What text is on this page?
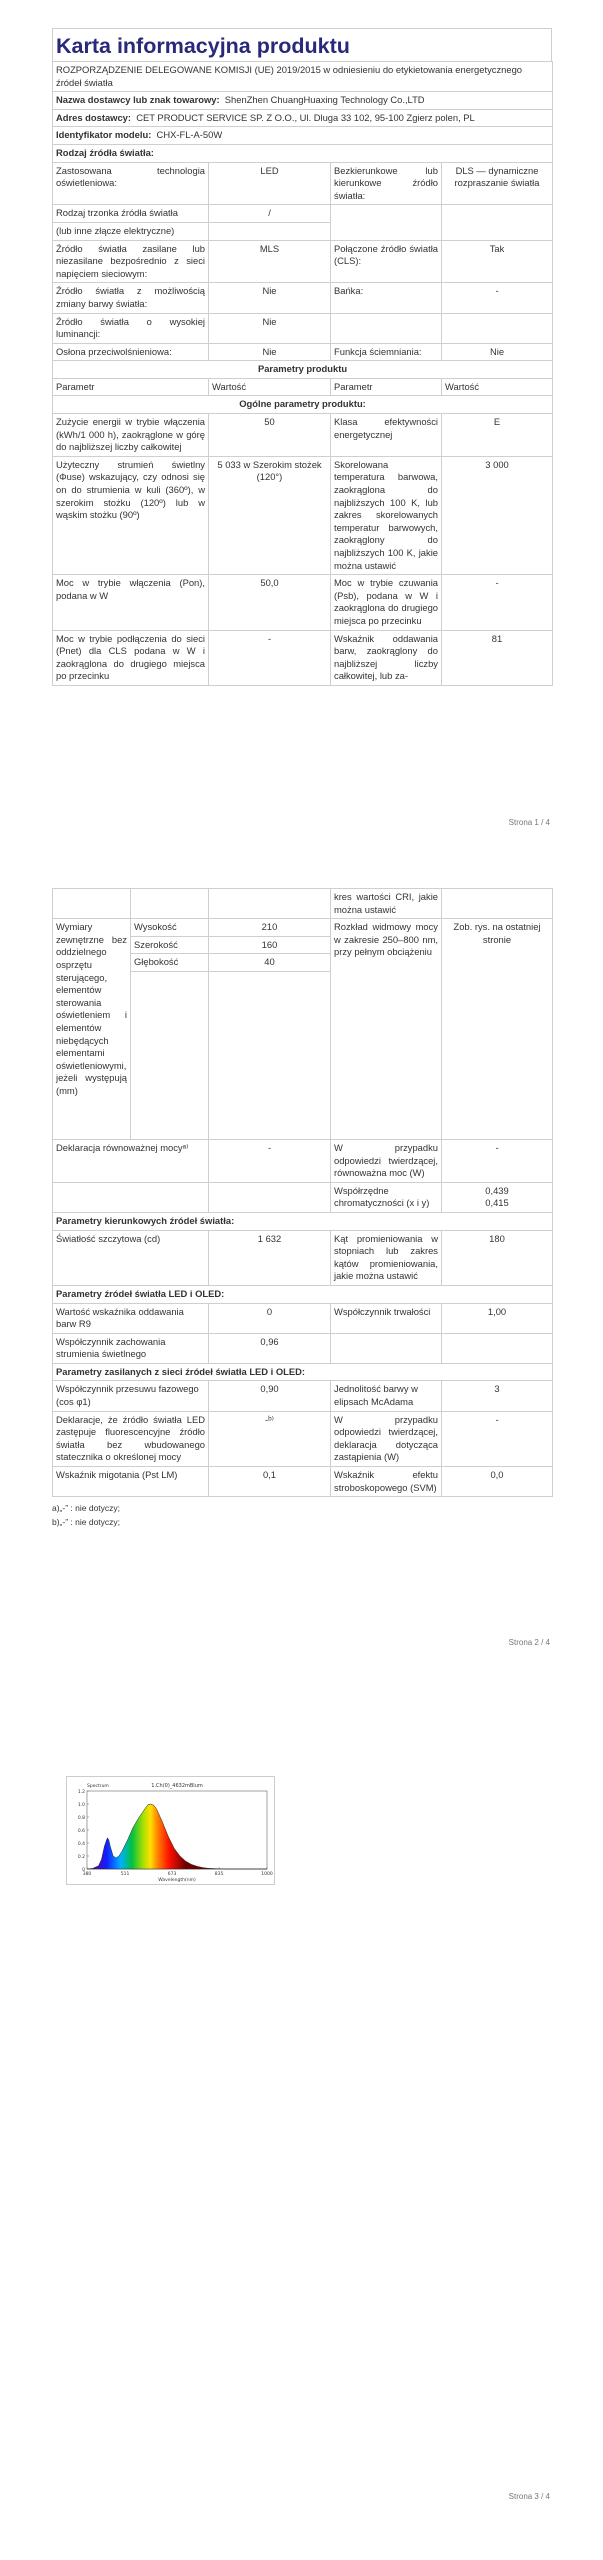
Karta informacyjna produktu
ROZPORZĄDZENIE DELEGOWANE KOMISJI (UE) 2019/2015 w odniesieniu do etykietowania energetycznego źródeł światła			
Nazwa dostawcy lub znak towarowy: ShenZhen ChuangHuaxing Technology Co.,LTD			
Adres dostawcy: CET PRODUCT SERVICE SP. Z O.O., Ul. Dluga 33 102, 95-100 Zgierz polen, PL			
Identyfikator modelu: CHX-FL-A-50W			
Rodzaj źródła światła:			
Zastosowana technologia oświetleniowa:	LED	Bezkierunkowe lub kierunkowe źródło światła:	DLS — dynamiczne rozpraszanie światła
Rodzaj trzonka źródła światła	/		
(lub inne złącze elektryczne)			
Źródło światła zasilane lub niezasilane bezpośrednio z sieci napięciem sieciowym:	MLS	Połączone źródło światła (CLS):	Tak
Źródło światła z możliwością zmiany barwy światła:	Nie	Bańka:	-
Źródło światła o wysokiej luminancji:	Nie		
Osłona przeciwolśnieniowa:	Nie	Funkcja ściemniania:	Nie
Parametry produktu			
Parametr	Wartość	Parametr	Wartość
Ogólne parametry produktu:			
Zużycie energii w trybie włączenia (kWh/1 000 h), zaokrąglone w górę do najbliższej liczby całkowitej	50	Klasa efektywności energetycznej	E
Użyteczny strumień świetlny (Φuse) wskazujący, czy odnosi się on do strumienia w kuli (360º), w szerokim stożku (120º) lub w wąskim stożku (90º)	5 033 w Szerokim stożek (120°)	Skorelowana temperatura barwowa, zaokrąglona do najbliższych 100 K, lub zakres skorelowanych temperatur barwowych, zaokrąglony do najbliższych 100 K, jakie można ustawić	3 000
Moc w trybie włączenia (Pon), podana w W	50,0	Moc w trybie czuwania (Psb), podana w W i zaokrąglona do drugiego miejsca po przecinku	-
Moc w trybie podłączenia do sieci (Pnet) dla CLS podana w W i zaokrąglona do drugiego miejsca po przecinku	-	Wskaźnik oddawania barw, zaokrąglony do najbliższej liczby całkowitej, lub za-	81
Strona 1 / 4
			kres wartości CRI, jakie można ustawić	
Wymiary zewnętrzne bez oddzielnego osprzętu sterującego, elementów sterowania oświetleniem i elementów niebędących elementami oświetleniowymi, jeżeli występują (mm)	Wysokość	210	Rozkład widmowy mocy w zakresie 250–800 nm, przy pełnym obciążeniu	Zob. rys. na ostatniej stronie
	Szerokość	160		
	Głębokość	40		

Deklaracja równoważnej mocyᵃ⁾		-	W przypadku odpowiedzi twierdzącej, równoważna moc (W)	-
			Współrzędne chromatyczności (x i y)	0,439
0,415

Parametry kierunkowych źródeł światła:				
Światłość szczytowa (cd)		1 632	Kąt promieniowania w stopniach lub zakres kątów promieniowania, jakie można ustawić	180
Parametry źródeł światła LED i OLED:				
Wartość wskaźnika oddawania barw R9		0	Współczynnik trwałości	1,00
Współczynnik zachowania strumienia świetlnego		0,96		
Parametry zasilanych z sieci źródeł światła LED i OLED:				
Współczynnik przesuwu fazowego (cos φ1)		0,90	Jednolitość barwy w elipsach McAdama	3
Deklaracje, że źródło światła LED zastępuje fluorescencyjne źródło światła bez wbudowanego statecznika o określonej mocy		-ᵇ⁾	W przypadku odpowiedzi twierdzącej, deklaracja dotycząca zastąpienia (W)	-
Wskaźnik migotania (Pst LM)		0,1	Wskaźnik efektu stroboskopowego (SVM)	0,0
a)„-” : nie dotyczy;
b)„-” : nie dotyczy;
Strona 2 / 4
0
0.2
0.4
0.6
0.8
1.0
1.2
380	511	673	835	1000
1.Ch(0)_4632mBlum
Wavelength(nm)
Spectrum
Strona 3 / 4
